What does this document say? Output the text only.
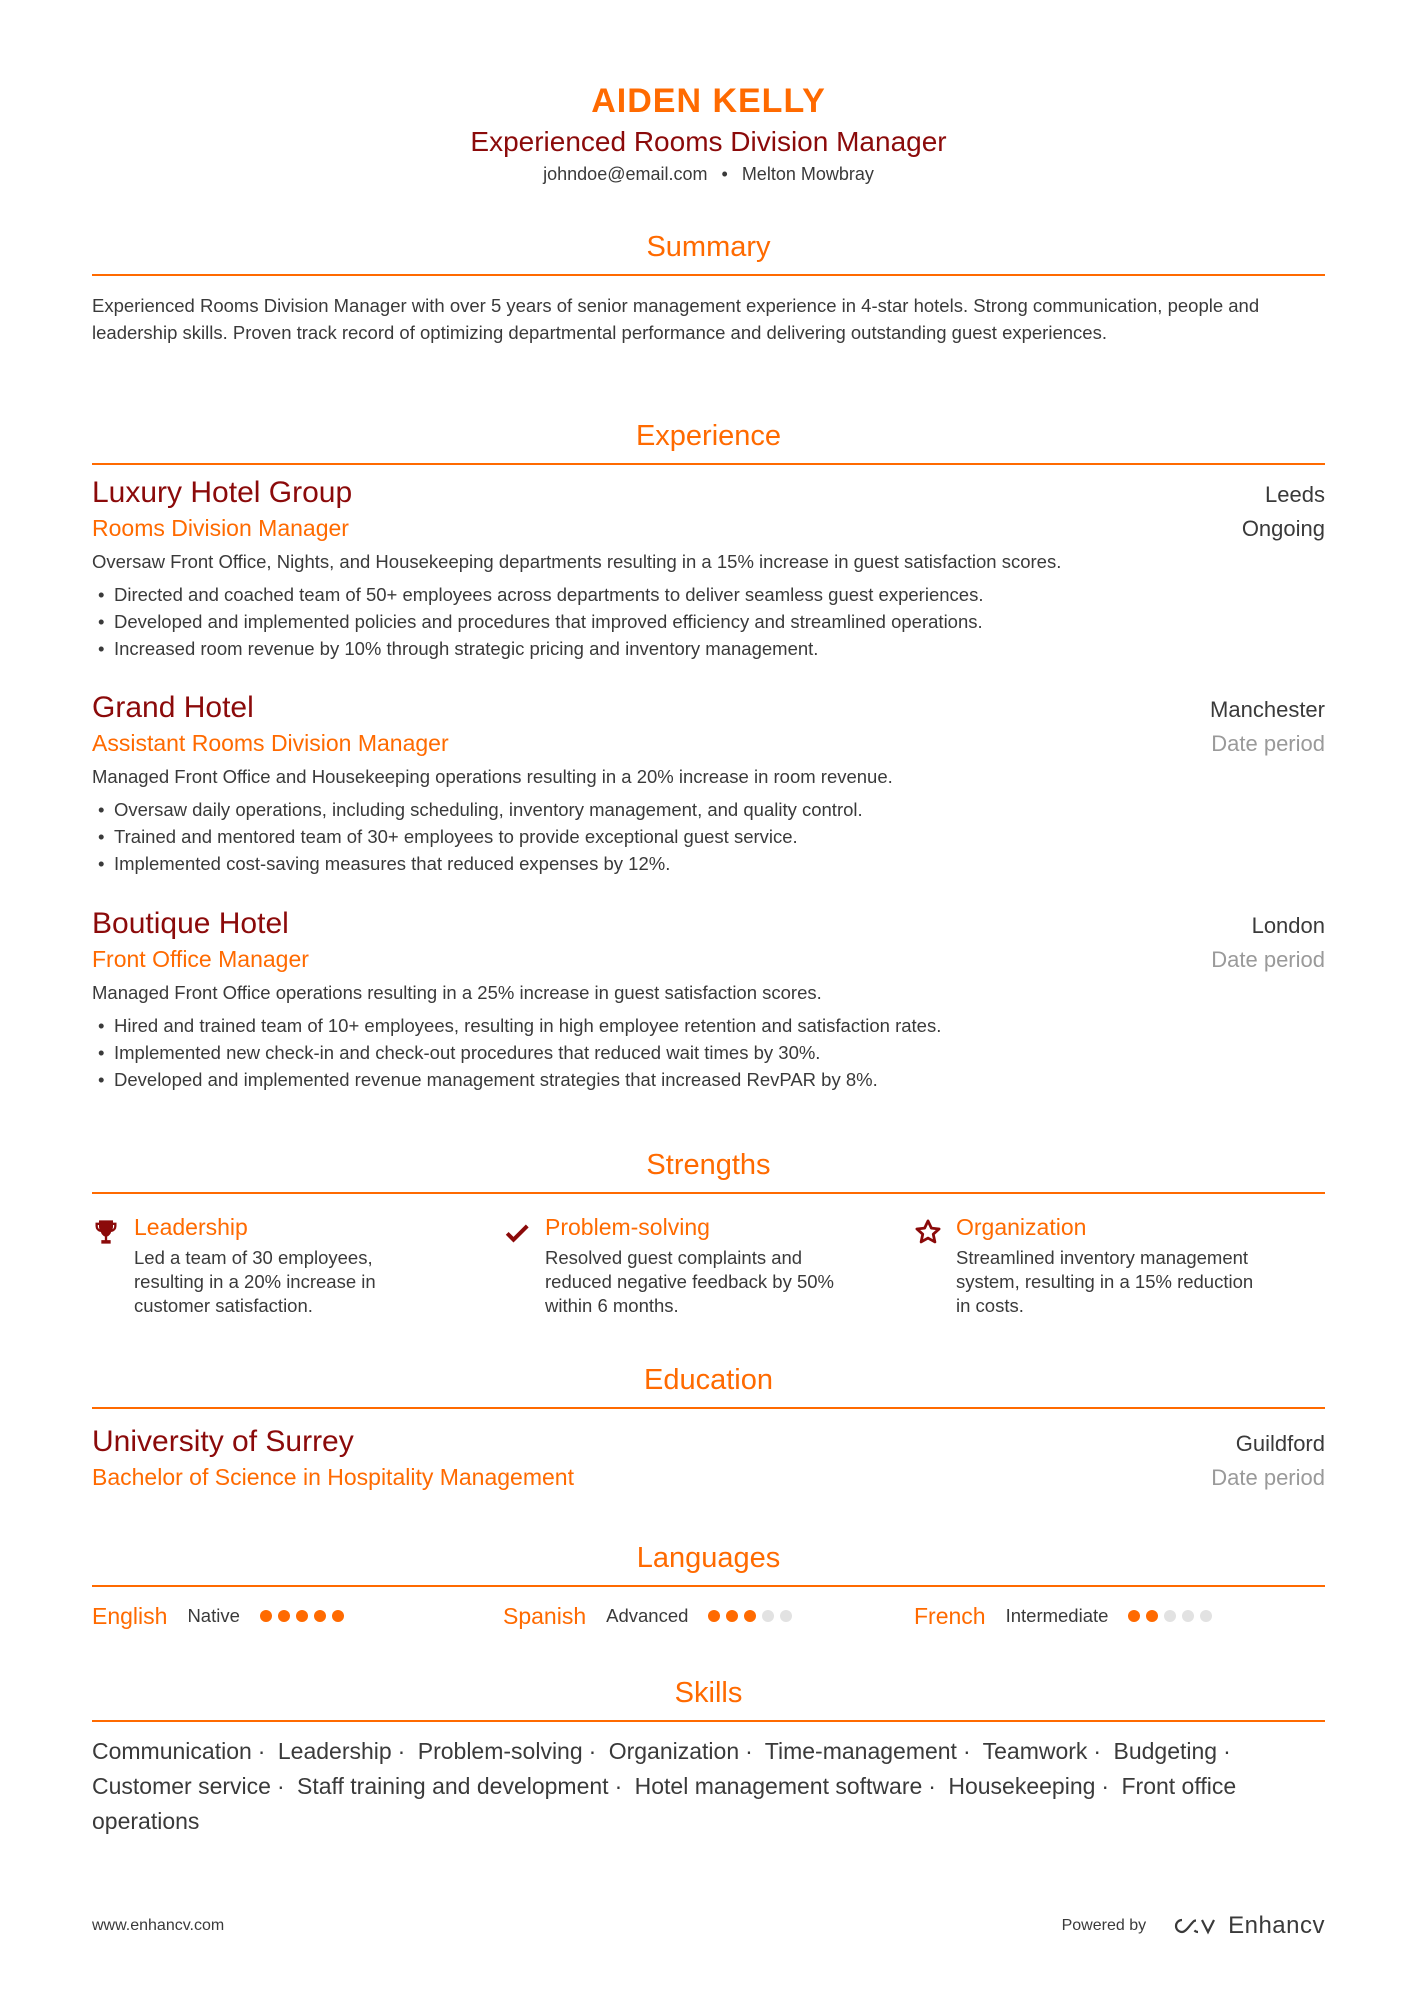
AIDEN KELLY
Experienced Rooms Division Manager
johndoe@email.com • Melton Mowbray
Summary
Experienced Rooms Division Manager with over 5 years of senior management experience in 4-star hotels. Strong communication, people and leadership skills. Proven track record of optimizing departmental performance and delivering outstanding guest experiences.
Experience
Luxury Hotel Group	Leeds
Rooms Division Manager	Ongoing
Oversaw Front Office, Nights, and Housekeeping departments resulting in a 15% increase in guest satisfaction scores.
• Directed and coached team of 50+ employees across departments to deliver seamless guest experiences.
• Developed and implemented policies and procedures that improved efficiency and streamlined operations.
• Increased room revenue by 10% through strategic pricing and inventory management.
Grand Hotel	Manchester
Assistant Rooms Division Manager	Date period
Managed Front Office and Housekeeping operations resulting in a 20% increase in room revenue.
• Oversaw daily operations, including scheduling, inventory management, and quality control.
• Trained and mentored team of 30+ employees to provide exceptional guest service.
• Implemented cost-saving measures that reduced expenses by 12%.
Boutique Hotel	London
Front Office Manager	Date period
Managed Front Office operations resulting in a 25% increase in guest satisfaction scores.
• Hired and trained team of 10+ employees, resulting in high employee retention and satisfaction rates.
• Implemented new check-in and check-out procedures that reduced wait times by 30%.
• Developed and implemented revenue management strategies that increased RevPAR by 8%.
Strengths
Leadership
Led a team of 30 employees, resulting in a 20% increase in customer satisfaction.
Problem-solving
Resolved guest complaints and reduced negative feedback by 50% within 6 months.
Organization
Streamlined inventory management system, resulting in a 15% reduction in costs.
Education
University of Surrey	Guildford
Bachelor of Science in Hospitality Management	Date period
Languages
English Native	Spanish Advanced	French Intermediate
Skills
Communication · Leadership · Problem-solving · Organization · Time-management · Teamwork · Budgeting · Customer service · Staff training and development · Hotel management software · Housekeeping · Front office operations
www.enhancv.com	Powered by	Enhancv
